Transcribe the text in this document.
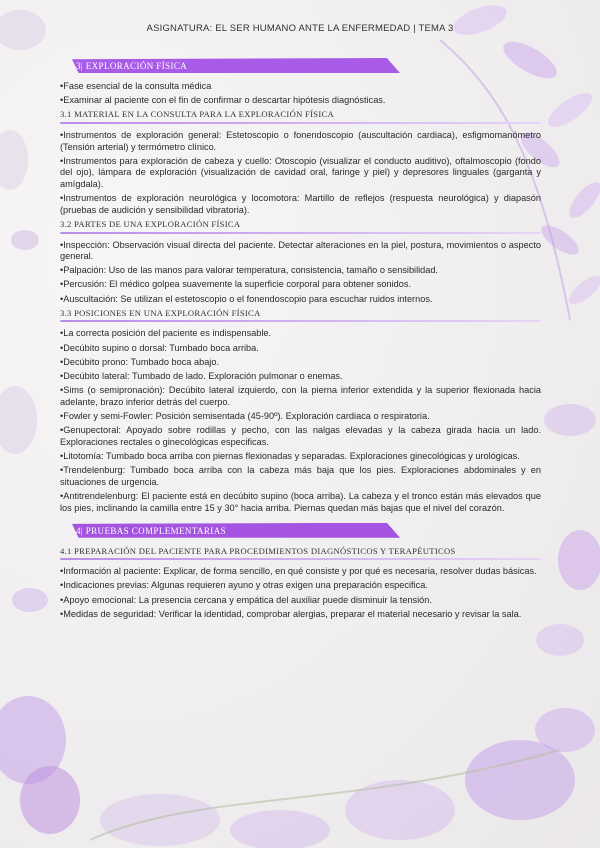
ASIGNATURA: EL SER HUMANO ANTE LA ENFERMEDAD | TEMA 3
3| EXPLORACIÓN FÍSICA
• Fase esencial de la consulta médica
• Examinar al paciente con el fin de confirmar o descartar hipótesis diagnósticas.
3.1 MATERIAL EN LA CONSULTA PARA LA EXPLORACIÓN FÍSICA
• Instrumentos de exploración general: Estetoscopio o fonendoscopio (auscultación cardiaca), esfigmomanómetro (Tensión arterial) y termómetro clínico.
• Instrumentos para exploración de cabeza y cuello: Otoscopio (visualizar el conducto auditivo), oftalmoscopio (fondo del ojo), lámpara de exploración (visualización de cavidad oral, faringe y piel) y depresores linguales (garganta y amígdala).
• Instrumentos de exploración neurológica y locomotora: Martillo de reflejos (respuesta neurológica) y diapasón (pruebas de audición y sensibilidad vibratoria).
3.2 PARTES DE UNA EXPLORACIÓN FÍSICA
• Inspección: Observación visual directa del paciente. Detectar alteraciones en la piel, postura, movimientos o aspecto general.
• Palpación: Uso de las manos para valorar temperatura, consistencia, tamaño o sensibilidad.
• Percusión: El médico golpea suavemente la superficie corporal para obtener sonidos.
• Auscultación: Se utilizan el estetoscopio o el fonendoscopio para escuchar ruidos internos.
3.3 POSICIONES EN UNA EXPLORACIÓN FÍSICA
• La correcta posición del paciente es indispensable.
• Decúbito supino o dorsal: Tumbado boca arriba.
• Decúbito prono: Tumbado boca abajo.
• Decúbito lateral: Tumbado de lado. Exploración pulmonar o enemas.
• Sims (o semipronación): Decúbito lateral izquierdo, con la pierna inferior extendida y la superior flexionada hacia adelante, brazo inferior detrás del cuerpo.
• Fowler y semi-Fowler: Posición semisentada (45-90º). Exploración cardiaca o respiratoria.
• Genupectoral: Apoyado sobre rodillas y pecho, con las nalgas elevadas y la cabeza girada hacia un lado. Exploraciones rectales o ginecológicas especificas.
• Litotomía: Tumbado boca arriba con piernas flexionadas y separadas. Exploraciones ginecológicas y urológicas.
• Trendelenburg: Tumbado boca arriba con la cabeza más baja que los pies. Exploraciones abdominales y en situaciones de urgencia.
• Antitrendelenburg: El paciente está en decúbito supino (boca arriba). La cabeza y el tronco están más elevados que los pies, inclinando la camilla entre 15 y 30° hacia arriba. Piernas quedan más bajas que el nivel del corazón.
4| PRUEBAS COMPLEMENTARIAS
4.1 PREPARACIÓN DEL PACIENTE PARA PROCEDIMIENTOS DIAGNÓSTICOS Y TERAPÉUTICOS
• Información al paciente: Explicar, de forma sencillo, en qué consiste y por qué es necesaria, resolver dudas básicas.
• Indicaciones previas: Algunas requieren ayuno y otras exigen una preparación especifica.
• Apoyo emocional: La presencia cercana y empática del auxiliar puede disminuir la tensión.
• Medidas de seguridad: Verificar la identidad, comprobar alergias, preparar el material necesario y revisar la sala.
